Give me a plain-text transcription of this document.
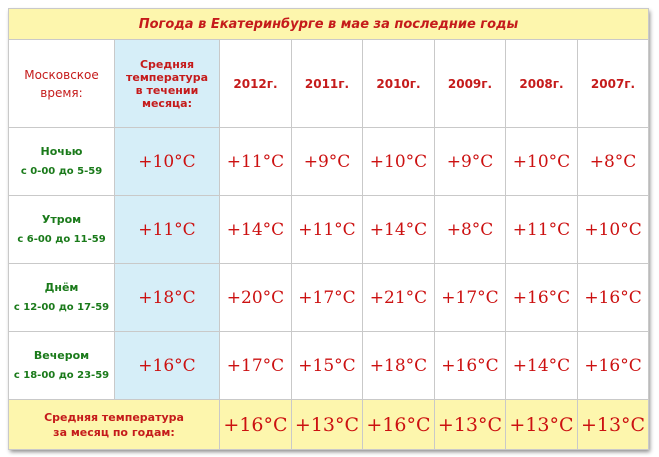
Погода в Екатеринбурге в мае за последние годы							

Московское
время:	Средняя
температура
в течении
месяца:	2012г.	2011г.	2010г.	2009г.	2008г.	2007г.

Ночью
с 0-00 до 5-59	+10°C	+11°C	+9°C	+10°C	+9°C	+10°C	+8°C

Утром
с 6-00 до 11-59	+11°C	+14°C	+11°C	+14°C	+8°C	+11°C	+10°C

Днём
с 12-00 до 17-59	+18°C	+20°C	+17°C	+21°C	+17°C	+16°C	+16°C

Вечером
с 18-00 до 23-59	+16°C	+17°C	+15°C	+18°C	+16°C	+14°C	+16°C

Средняя температура
за месяц по годам:		+16°C	+13°C	+16°C	+13°C	+13°C	+13°C
